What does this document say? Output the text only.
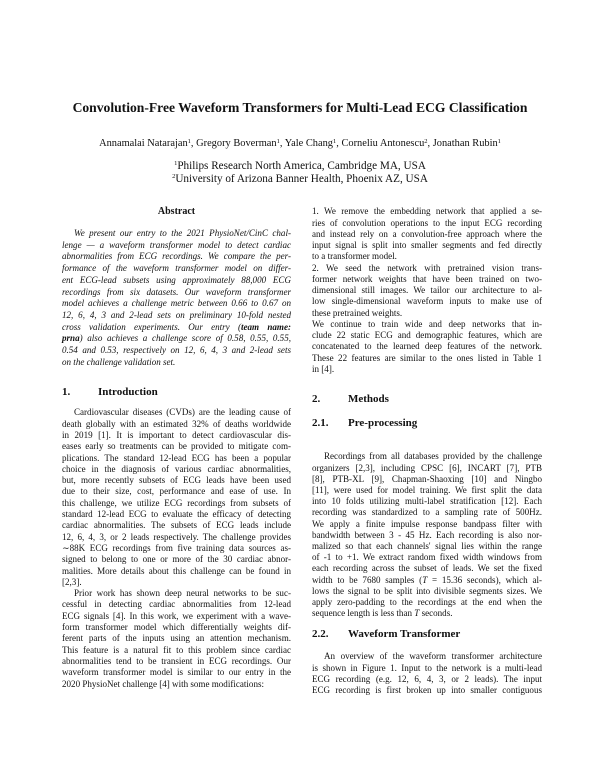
Convolution-Free Waveform Transformers for Multi-Lead ECG Classification
Annamalai Natarajan$^1$ , Gregory Boverman$^1$ , Yale Chang$^1$ , Corneliu Antonescu$^2$ , Jonathan Rubin$^1$
$^1$Philips Research North America, Cambridge MA, USA
$^2$University of Arizona Banner Health, Phoenix AZ, USA
Abstract
We present our entry to the 2021 PhysioNet/CinC chal-
lenge — a waveform transformer model to detect cardiac
abnormalities from ECG recordings. We compare the per-
formance of the waveform transformer model on differ-
ent ECG-lead subsets using approximately 88,000 ECG
recordings from six datasets. Our waveform transformer
model achieves a challenge metric between 0.66 to 0.67 on
12, 6, 4, 3 and 2-lead sets on preliminary 10-fold nested
cross validation experiments. Our entry (team name:
prna) also achieves a challenge score of 0.58, 0.55, 0.55,
0.54 and 0.53, respectively on 12, 6, 4, 3 and 2-lead sets
on the challenge validation set.
1.	Introduction
Cardiovascular diseases (CVDs) are the leading cause of
death globally with an estimated 32% of deaths worldwide
in 2019 [1]. It is important to detect cardiovascular dis-
eases early so treatments can be provided to mitigate com-
plications. The standard 12-lead ECG has been a popular
choice in the diagnosis of various cardiac abnormalities,
but, more recently subsets of ECG leads have been used
due to their size, cost, performance and ease of use. In
this challenge, we utilize ECG recordings from subsets of
standard 12-lead ECG to evaluate the efficacy of detecting
cardiac abnormalities. The subsets of ECG leads include
12, 6, 4, 3, or 2 leads respectively. The challenge provides
∼88K ECG recordings from five training data sources as-
signed to belong to one or more of the 30 cardiac abnor-
malities. More details about this challenge can be found in
[2,3].
Prior work has shown deep neural networks to be suc-
cessful in detecting cardiac abnormalities from 12-lead
ECG signals [4]. In this work, we experiment with a wave-
form transformer model which differentially weights dif-
ferent parts of the inputs using an attention mechanism.
This feature is a natural fit to this problem since cardiac
abnormalities tend to be transient in ECG recordings. Our
waveform transformer model is similar to our entry in the
2020 PhysioNet challenge [4] with some modifications:
1. We remove the embedding network that applied a se-
ries of convolution operations to the input ECG recording
and instead rely on a convolution-free approach where the
input signal is split into smaller segments and fed directly
to a transformer model.
2. We seed the network with pretrained vision trans-
former network weights that have been trained on two-
dimensional still images. We tailor our architecture to al-
low single-dimensional waveform inputs to make use of
these pretrained weights.
We continue to train wide and deep networks that in-
clude 22 static ECG and demographic features, which are
concatenated to the learned deep features of the network.
These 22 features are similar to the ones listed in Table 1
in [4].
2.	Methods
2.1. Pre-processing
Recordings from all databases provided by the challenge
organizers [2,3], including CPSC [6], INCART [7], PTB
[8], PTB-XL [9], Chapman-Shaoxing [10] and Ningbo
[11], were used for model training. We first split the data
into 10 folds utilizing multi-label stratification [12]. Each
recording was standardized to a sampling rate of 500Hz.
We apply a finite impulse response bandpass filter with
bandwidth between 3 - 45 Hz. Each recording is also nor-
malized so that each channels' signal lies within the range
of -1 to +1. We extract random fixed width windows from
each recording across the subset of leads. We set the fixed
width to be 7680 samples (T = 15.36 seconds), which al-
lows the signal to be split into divisible segments sizes. We
apply zero-padding to the recordings at the end when the
sequence length is less than T seconds.
2.2. Waveform Transformer
An overview of the waveform transformer architecture
is shown in Figure 1. Input to the network is a multi-lead
ECG recording (e.g. 12, 6, 4, 3, or 2 leads). The input
ECG recording is first broken up into smaller contiguous
